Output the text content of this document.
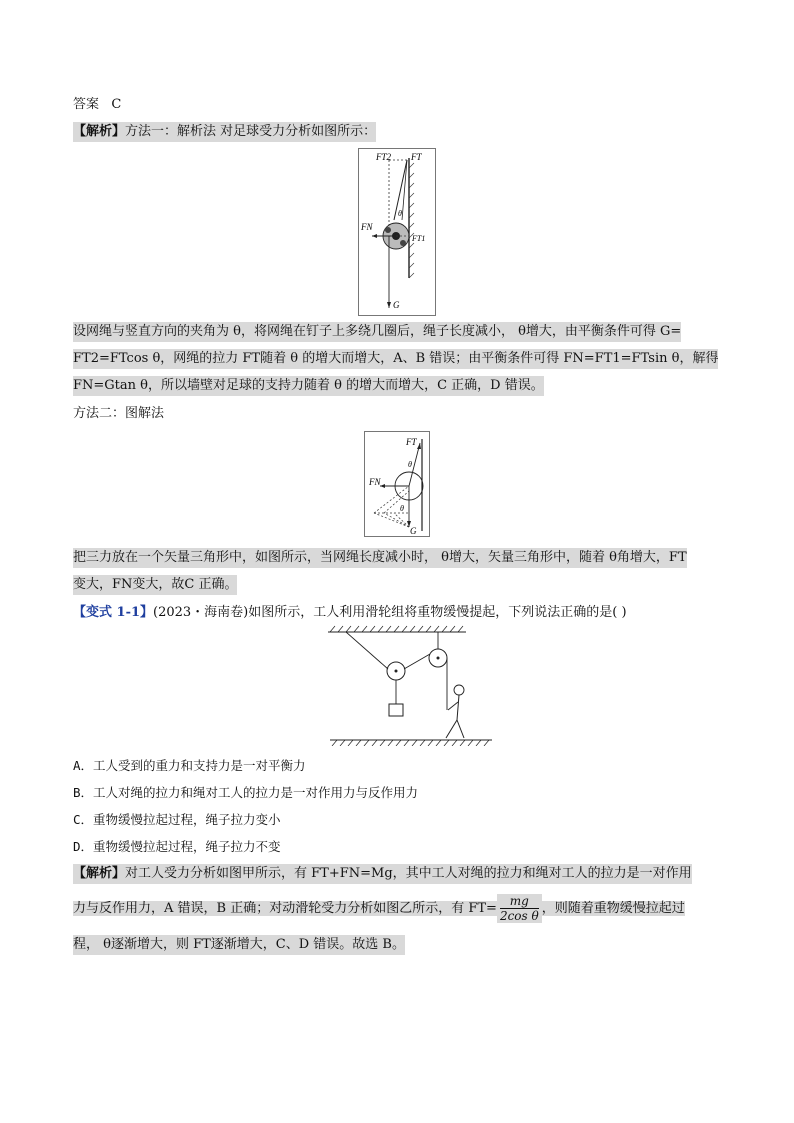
答案 C
【解析】方法一：解析法 对足球受力分析如图所示：
FT2 FT
FN
FT1
G
θ
设网绳与竖直方向的夹角为 θ，将网绳在钉子上多绕几圈后，绳子长度减小， θ增大，由平衡条件可得 G=
FT2=FTcos θ，网绳的拉力 FT随着 θ 的增大而增大，A、B 错误；由平衡条件可得 FN=FT1=FTsin θ，解得
FN=Gtan θ，所以墙壁对足球的支持力随着 θ 的增大而增大，C 正确，D 错误。
方法二：图解法
FT
θ
FN
θ
G
把三力放在一个矢量三角形中，如图所示，当网绳长度减小时， θ增大，矢量三角形中，随着 θ角增大，FT
变大，FN变大，故C 正确。
【变式 1-1】(2023・海南卷)如图所示，工人利用滑轮组将重物缓慢提起，下列说法正确的是( )
A．工人受到的重力和支持力是一对平衡力
B．工人对绳的拉力和绳对工人的拉力是一对作用力与反作用力
C．重物缓慢拉起过程，绳子拉力变小
D．重物缓慢拉起过程，绳子拉力不变
【解析】对工人受力分析如图甲所示，有 FT+FN=Mg，其中工人对绳的拉力和绳对工人的拉力是一对作用
力与反作用力，A 错误，B 正确；对动滑轮受力分析如图乙所示，有 $FT= \frac{mg}{\text{2cos θ}}$ ，则随着重物缓慢拉起过
程， θ逐渐增大，则 FT逐渐增大，C、D 错误。故选 B。
